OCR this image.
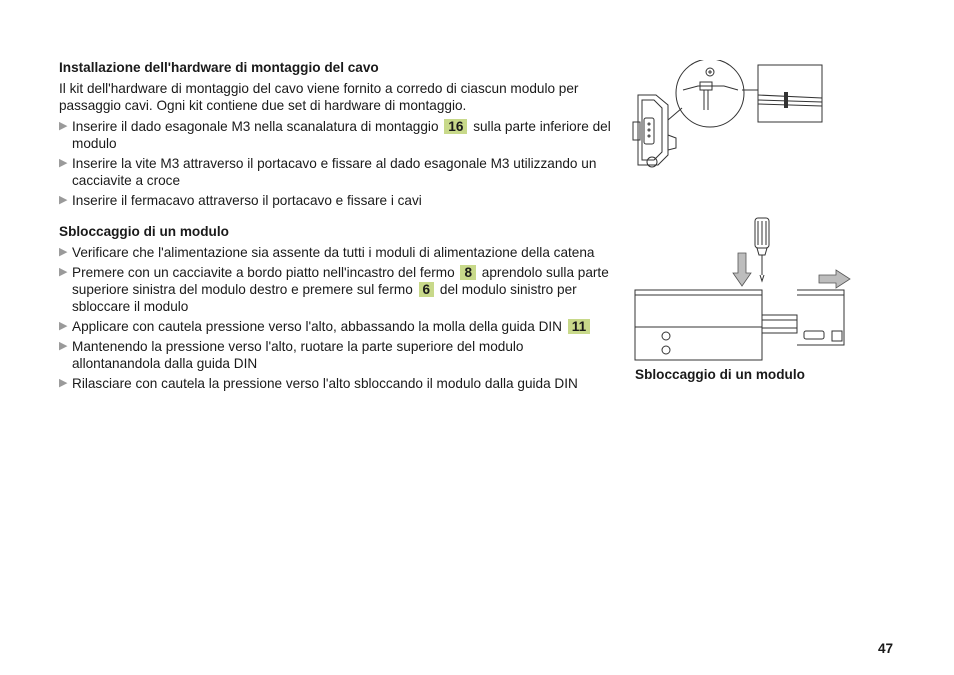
Installazione dell'hardware di montaggio del cavo
Il kit dell'hardware di montaggio del cavo viene fornito a corredo di ciascun modulo per passaggio cavi. Ogni kit contiene due set di hardware di montaggio.
▶ Inserire il dado esagonale M3 nella scanalatura di montaggio 16 sulla parte inferiore del modulo
▶ Inserire la vite M3 attraverso il portacavo e fissare al dado esagonale M3 utilizzando un cacciavite a croce
▶ Inserire il fermacavo attraverso il portacavo e fissare i cavi
Sbloccaggio di un modulo
▶ Verificare che l'alimentazione sia assente da tutti i moduli di alimentazione della catena
▶ Premere con un cacciavite a bordo piatto nell'incastro del fermo 8 aprendolo sulla parte superiore sinistra del modulo destro e premere sul fermo 6 del modulo sinistro per sbloccare il modulo
▶ Applicare con cautela pressione verso l'alto, abbassando la molla della guida DIN 11
▶ Mantenendo la pressione verso l'alto, ruotare la parte superiore del modulo allontanandola dalla guida DIN
▶ Rilasciare con cautela la pressione verso l'alto sbloccando il modulo dalla guida DIN
Sbloccaggio di un modulo
47
